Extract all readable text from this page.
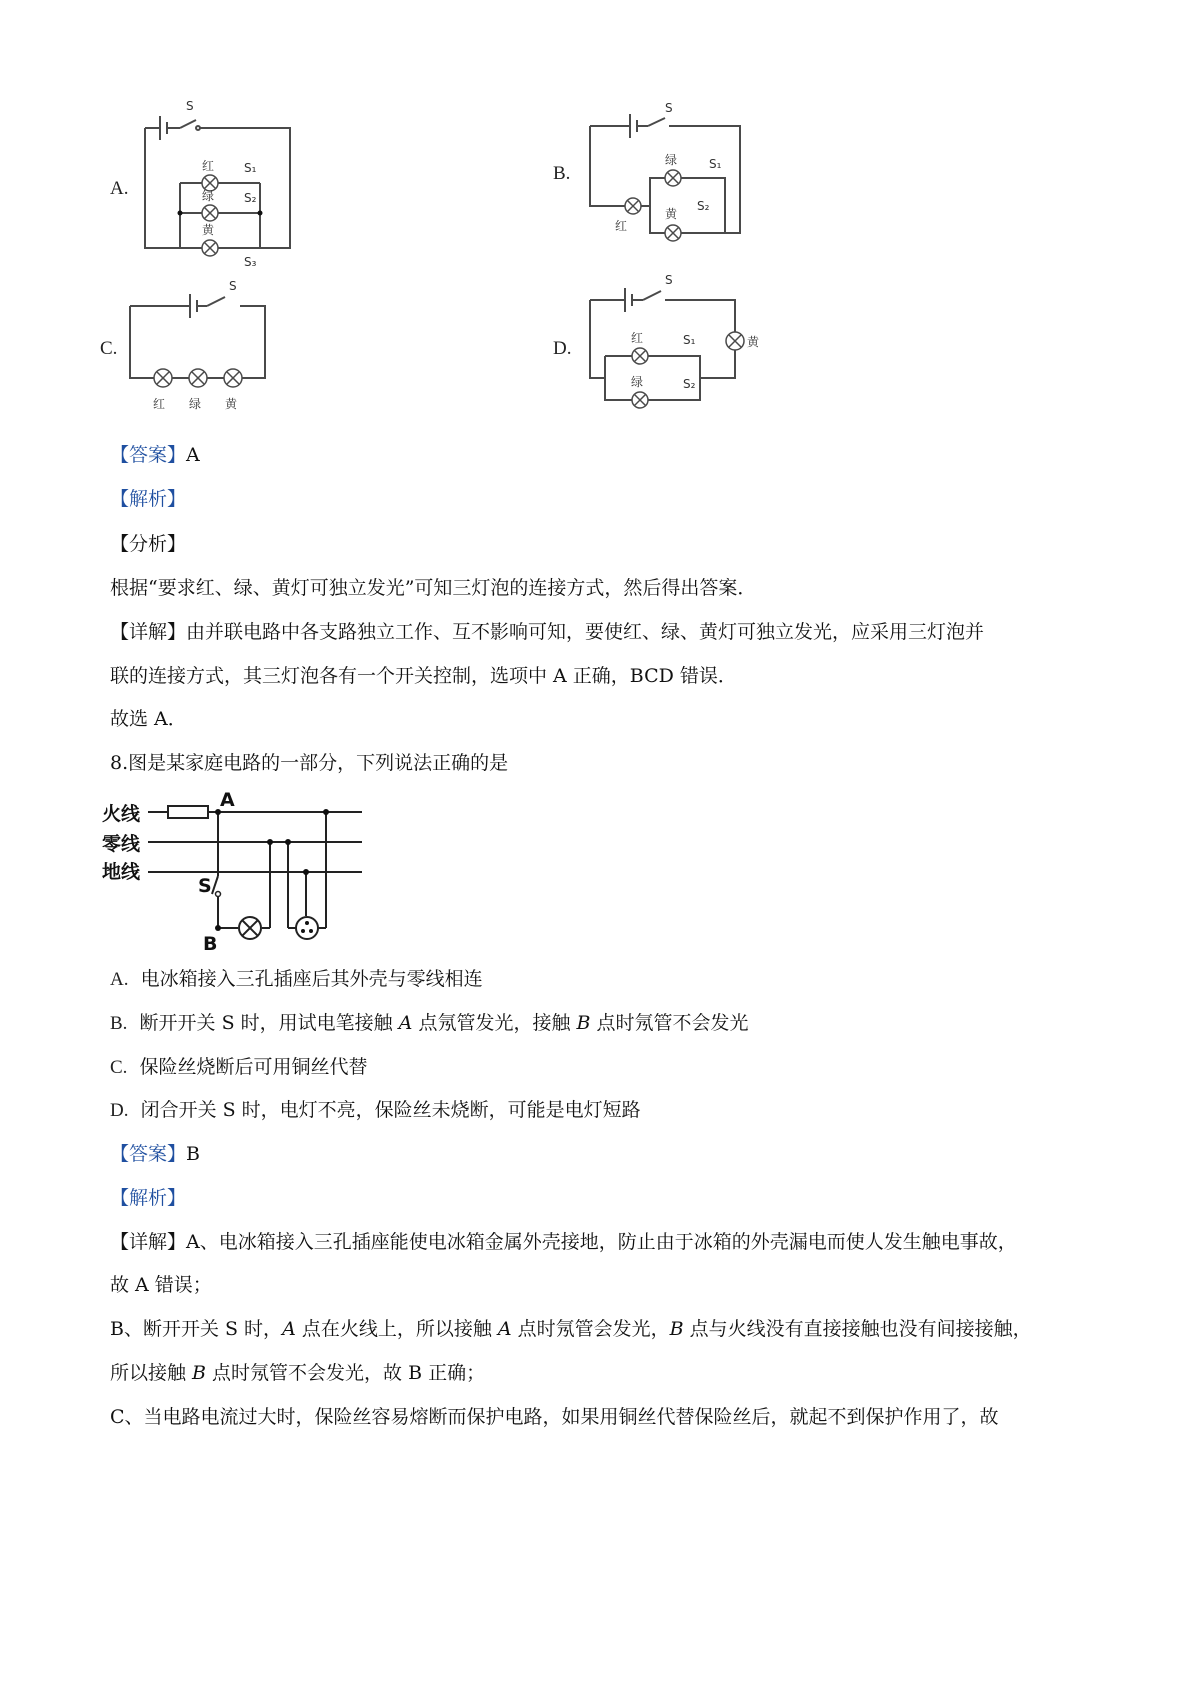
A.
S
红
绿
黄
S₁
S₂
S₃
B.
S
红
绿
黄
S₁
S₂
C.
S
红 绿 黄
D.
S
红
绿
黄
S₁
S₂
【答案】A
【解析】
【分析】
根据“要求红、绿、黄灯可独立发光”可知三灯泡的连接方式，然后得出答案．
【详解】由并联电路中各支路独立工作、互不影响可知，要使红、绿、黄灯可独立发光，应采用三灯泡并
联的连接方式，其三灯泡各有一个开关控制，选项中 A 正确，BCD 错误．
故选 A．
8.图是某家庭电路的一部分，下列说法正确的是
火线
零线
地线
A
B
S
A. 电冰箱接入三孔插座后其外壳与零线相连
B. 断开开关 S 时，用试电笔接触 A 点氖管发光，接触 B 点时氖管不会发光
C. 保险丝烧断后可用铜丝代替
D. 闭合开关 S 时，电灯不亮，保险丝未烧断，可能是电灯短路
【答案】B
【解析】
【详解】A、电冰箱接入三孔插座能使电冰箱金属外壳接地，防止由于冰箱的外壳漏电而使人发生触电事故，
故 A 错误；
B、断开开关 S 时，A 点在火线上，所以接触 A 点时氖管会发光，B 点与火线没有直接接触也没有间接接触，
所以接触 B 点时氖管不会发光，故 B 正确；
C、当电路电流过大时，保险丝容易熔断而保护电路，如果用铜丝代替保险丝后，就起不到保护作用了，故
